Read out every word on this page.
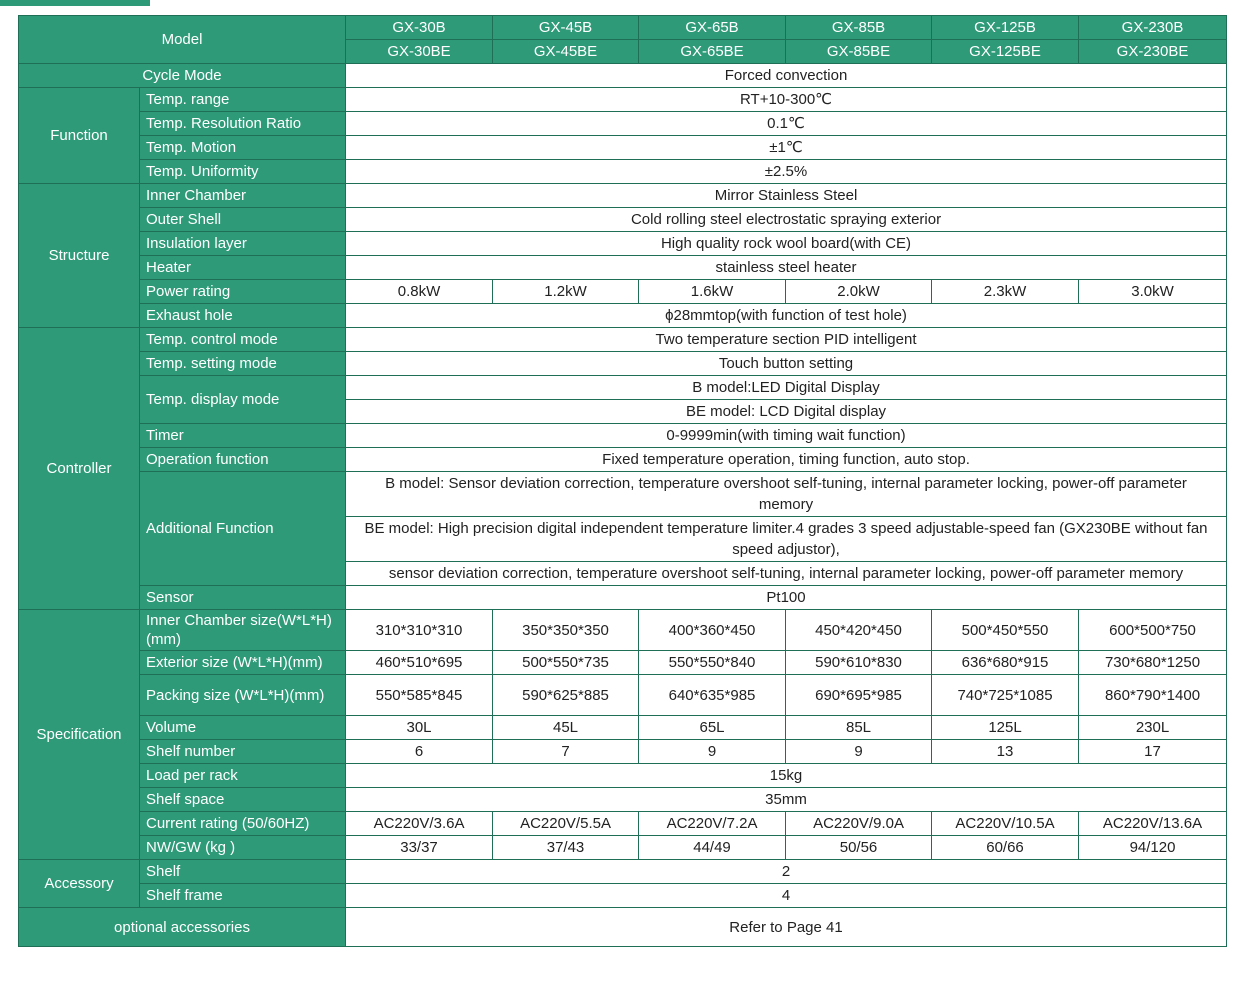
Model		GX-30B	GX-45B	GX-65B	GX-85B	GX-125B	GX-230B
		GX-30BE	GX-45BE	GX-65BE	GX-85BE	GX-125BE	GX-230BE
Cycle Mode		Forced convection					
Function	Temp. range	RT+10-300℃					
	Temp. Resolution Ratio	0.1℃					
	Temp. Motion	±1℃					
	Temp. Uniformity	±2.5%					
Structure	Inner Chamber	Mirror Stainless Steel					
	Outer Shell	Cold rolling steel electrostatic spraying exterior					
	Insulation layer	High quality rock wool board(with CE)					
	Heater	stainless steel heater					
	Power rating	0.8kW	1.2kW	1.6kW	2.0kW	2.3kW	3.0kW
	Exhaust hole	ϕ28mmtop(with function of test hole)					
Controller	Temp. control mode	Two temperature section PID intelligent					
	Temp. setting mode	Touch button setting					
	Temp. display mode	B model:LED Digital Display					
		BE model: LCD Digital display					
	Timer	0-9999min(with timing wait function)					
	Operation function	Fixed temperature operation, timing function, auto stop.					
	Additional Function	B model: Sensor deviation correction, temperature overshoot self-tuning, internal parameter locking, power-off parameter memory					
		BE model: High precision digital independent temperature limiter.4 grades 3 speed adjustable-speed fan (GX230BE without fan speed adjustor),					
		sensor deviation correction, temperature overshoot self-tuning, internal parameter locking, power-off parameter memory					
	Sensor	Pt100					
Specification	Inner Chamber size(W*L*H)(mm)	310*310*310	350*350*350	400*360*450	450*420*450	500*450*550	600*500*750
	Exterior size (W*L*H)(mm)	460*510*695	500*550*735	550*550*840	590*610*830	636*680*915	730*680*1250
	Packing size (W*L*H)(mm)	550*585*845	590*625*885	640*635*985	690*695*985	740*725*1085	860*790*1400
	Volume	30L	45L	65L	85L	125L	230L
	Shelf number	6	7	9	9	13	17
	Load per rack	15kg					
	Shelf space	35mm					
	Current rating (50/60HZ)	AC220V/3.6A	AC220V/5.5A	AC220V/7.2A	AC220V/9.0A	AC220V/10.5A	AC220V/13.6A
	NW/GW (kg )	33/37	37/43	44/49	50/56	60/66	94/120
Accessory	Shelf	2					
	Shelf frame	4					
optional accessories		Refer to Page 41					
